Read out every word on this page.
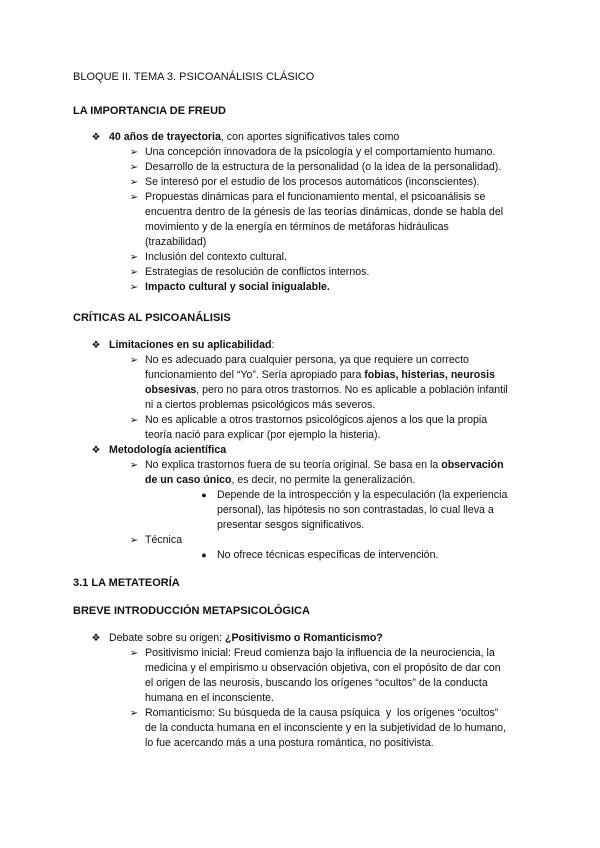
BLOQUE II. TEMA 3. PSICOANÁLISIS CLÁSICO
LA IMPORTANCIA DE FREUD
❖ 40 años de trayectoria, con aportes significativos tales como
➢ Una concepción innovadora de la psicología y el comportamiento humano.
➢ Desarrollo de la estructura de la personalidad (o la idea de la personalidad).
➢ Se interesó por el estudio de los procesos automáticos (inconscientes).
➢ Propuestas dinámicas para el funcionamiento mental, el psicoanálisis se
encuentra dentro de la génesis de las teorías dinámicas, donde se habla del
movimiento y de la energía en términos de metáforas hidráulicas
(trazabilidad)
➢ Inclusión del contexto cultural.
➢ Estrategias de resolución de conflictos internos.
➢ Impacto cultural y social inigualable.
CRÍTICAS AL PSICOANÁLISIS
❖ Limitaciones en su aplicabilidad:
➢ No es adecuado para cualquier persona, ya que requiere un correcto
funcionamiento del “Yo”. Sería apropiado para fobias, histerias, neurosis
obsesivas, pero no para otros trastornos. No es aplicable a población infantil
ni a ciertos problemas psicológicos más severos.
➢ No es aplicable a otros trastornos psicológicos ajenos a los que la propia
teoría nació para explicar (por ejemplo la histeria).
❖ Metodología acientífica
➢ No explica trastornos fuera de su teoría original. Se basa en la observación
de un caso único, es decir, no permite la generalización.
● Depende de la introspección y la especulación (la experiencia
personal), las hipótesis no son contrastadas, lo cual lleva a
presentar sesgos significativos.
➢ Técnica
● No ofrece técnicas específicas de intervención.
3.1 LA METATEORÍA
BREVE INTRODUCCIÓN METAPSICOLÓGICA
❖ Debate sobre su origen: ¿Positivismo o Romanticismo?
➢ Positivismo inicial: Freud comienza bajo la influencia de la neurociencia, la
medicina y el empirismo u observación objetiva, con el propósito de dar con
el origen de las neurosis, buscando los orígenes “ocultos” de la conducta
humana en el inconsciente.
➢ Romanticismo: Su búsqueda de la causa psíquica  y  los orígenes “ocultos”
de la conducta humana en el inconsciente y en la subjetividad de lo humano,
lo fue acercando más a una postura romántica, no positivista.
